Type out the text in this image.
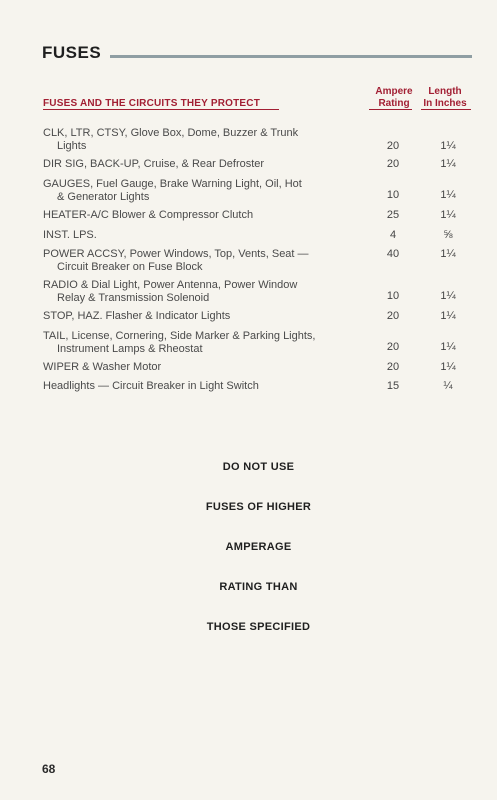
FUSES
Ampere
Rating
Length
In Inches
FUSES AND THE CIRCUITS THEY PROTECT
CLK, LTR, CTSY, Glove Box, Dome, Buzzer & Trunk
Lights	20	1¼
DIR SIG, BACK-UP, Cruise, & Rear Defroster	20	1¼
GAUGES, Fuel Gauge, Brake Warning Light, Oil, Hot
& Generator Lights	10	1¼
HEATER-A/C Blower & Compressor Clutch	25	1¼
INST. LPS.	4	⅝
POWER ACCSY, Power Windows, Top, Vents, Seat —
Circuit Breaker on Fuse Block
40	1¼
RADIO & Dial Light, Power Antenna, Power Window
Relay & Transmission Solenoid	10	1¼
STOP, HAZ. Flasher & Indicator Lights	20	1¼
TAIL, License, Cornering, Side Marker & Parking Lights,
Instrument Lamps & Rheostat	20	1¼
WIPER & Washer Motor	20	1¼
Headlights — Circuit Breaker in Light Switch	15	¼
DO NOT USE
FUSES OF HIGHER
AMPERAGE
RATING THAN
THOSE SPECIFIED
68
